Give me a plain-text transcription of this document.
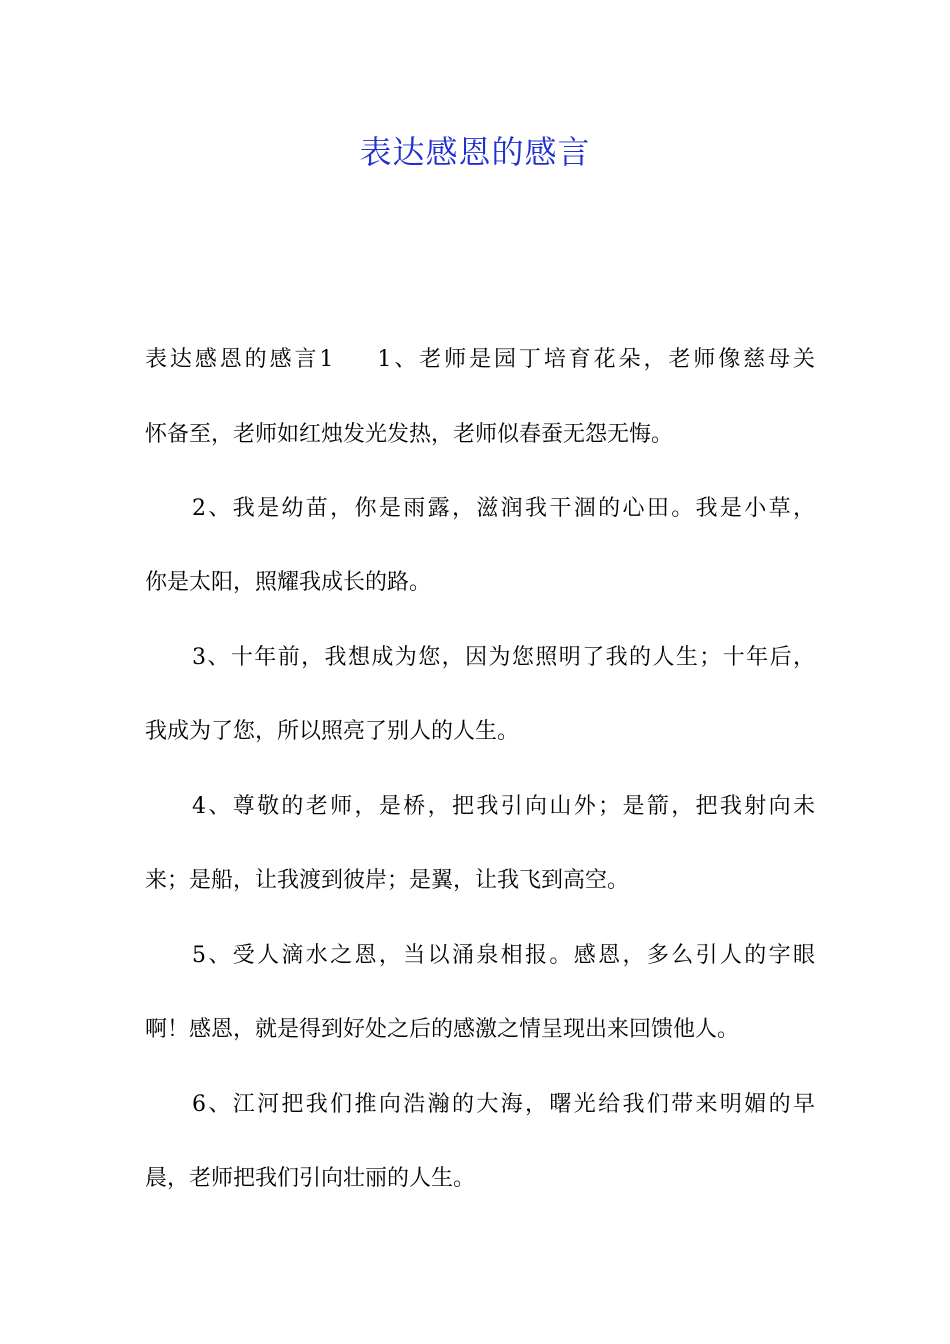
表达感恩的感言
表达感恩的感言1 1、老师是园丁培育花朵，老师像慈母关
怀备至，老师如红烛发光发热，老师似春蚕无怨无悔。
2、我是幼苗，你是雨露，滋润我干涸的心田。我是小草，
你是太阳，照耀我成长的路。
3、十年前，我想成为您，因为您照明了我的人生；十年后，
我成为了您，所以照亮了别人的人生。
4、尊敬的老师，是桥，把我引向山外；是箭，把我射向未
来；是船，让我渡到彼岸；是翼，让我飞到高空。
5、受人滴水之恩，当以涌泉相报。感恩，多么引人的字眼
啊！感恩，就是得到好处之后的感激之情呈现出来回馈他人。
6、江河把我们推向浩瀚的大海，曙光给我们带来明媚的早
晨，老师把我们引向壮丽的人生。
